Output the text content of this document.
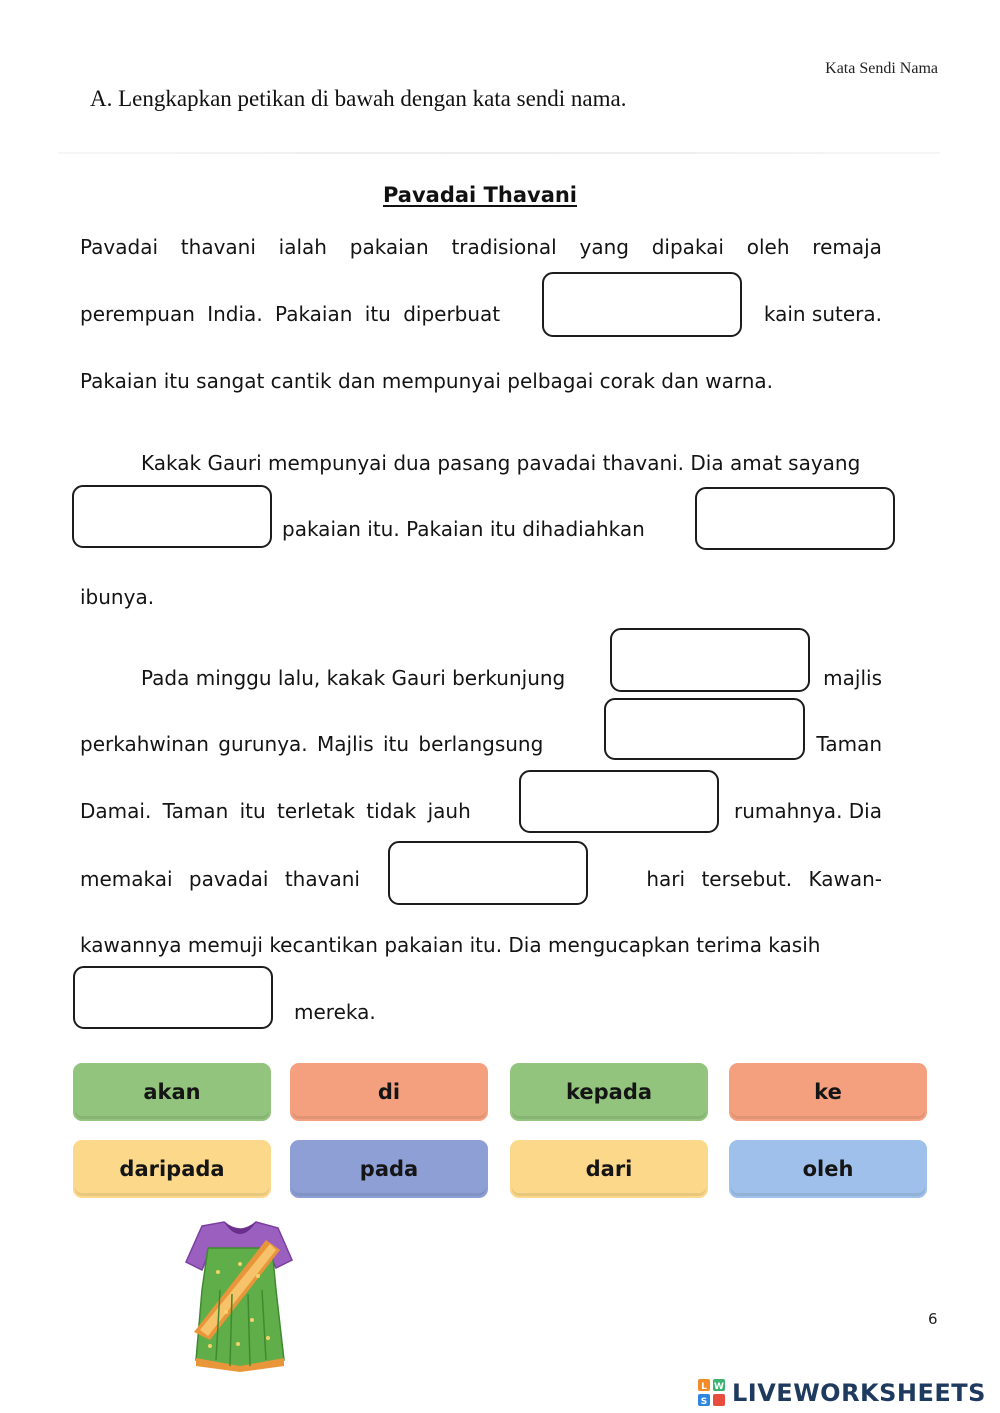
Kata Sendi Nama
A. Lengkapkan petikan di bawah dengan kata sendi nama.
Pavadai Thavani
Pavadai thavani ialah pakaian tradisional yang dipakai oleh remaja
perempuan India. Pakaian itu diperbuat	kain sutera.
Pakaian itu sangat cantik dan mempunyai pelbagai corak dan warna.
Kakak Gauri mempunyai dua pasang pavadai thavani. Dia amat sayang
pakaian itu. Pakaian itu dihadiahkan
ibunya.
Pada minggu lalu, kakak Gauri berkunjung	majlis
perkahwinan gurunya. Majlis itu berlangsung	Taman
Damai. Taman itu terletak tidak jauh	rumahnya. Dia
memakai pavadai thavani	hari tersebut. Kawan-
kawannya memuji kecantikan pakaian itu. Dia mengucapkan terima kasih
mereka.
akan	di	kepada	ke
daripada	pada	dari	oleh
6
L W
S LIVEWORKSHEETS
